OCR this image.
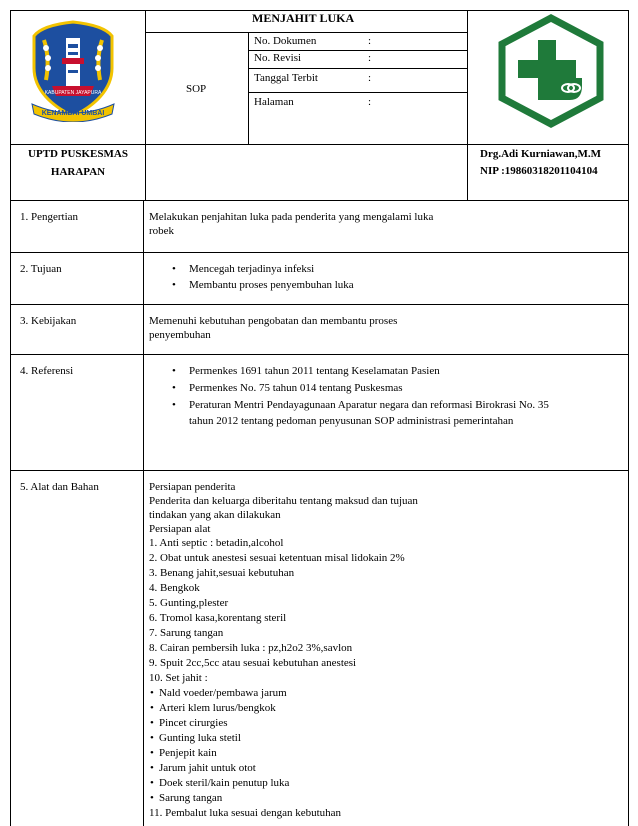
KABUPATEN JAYAPURA
KENAMBAI UMBAI
MENJAHIT LUKA
SOP
No. Dokumen	:
No. Revisi	:
Tanggal Terbit	:
Halaman	:
UPTD PUSKESMAS
HARAPAN
Drg.Adi Kurniawan,M.M
NIP :19860318201104104
1. Pengertian	Melakukan penjahitan luka pada penderita yang mengalami luka
robek
2. Tujuan	• Mencegah terjadinya infeksi
• Membantu proses penyembuhan luka
3. Kebijakan	Memenuhi kebutuhan pengobatan dan membantu proses
penyembuhan
4. Referensi	• Permenkes 1691 tahun 2011 tentang Keselamatan Pasien
• Permenkes No. 75 tahun 014 tentang Puskesmas
• Peraturan Mentri Pendayagunaan Aparatur negara dan reformasi Birokrasi No. 35
tahun 2012 tentang pedoman penyusunan SOP administrasi pemerintahan
5. Alat dan Bahan	Persiapan penderita
Penderita dan keluarga diberitahu tentang maksud dan tujuan
tindakan yang akan dilakukan
Persiapan alat
1. Anti septic : betadin,alcohol
2. Obat untuk anestesi sesuai ketentuan misal lidokain 2%
3. Benang jahit,sesuai kebutuhan
4. Bengkok
5. Gunting,plester
6. Tromol kasa,korentang steril
7. Sarung tangan
8. Cairan pembersih luka : pz,h2o2 3%,savlon
9. Spuit 2cc,5cc atau sesuai kebutuhan anestesi
10. Set jahit :
• Nald voeder/pembawa jarum
• Arteri klem lurus/bengkok
• Pincet cirurgies
• Gunting luka stetil
• Penjepit kain
• Jarum jahit untuk otot
• Doek steril/kain penutup luka
• Sarung tangan
11. Pembalut luka sesuai dengan kebutuhan
